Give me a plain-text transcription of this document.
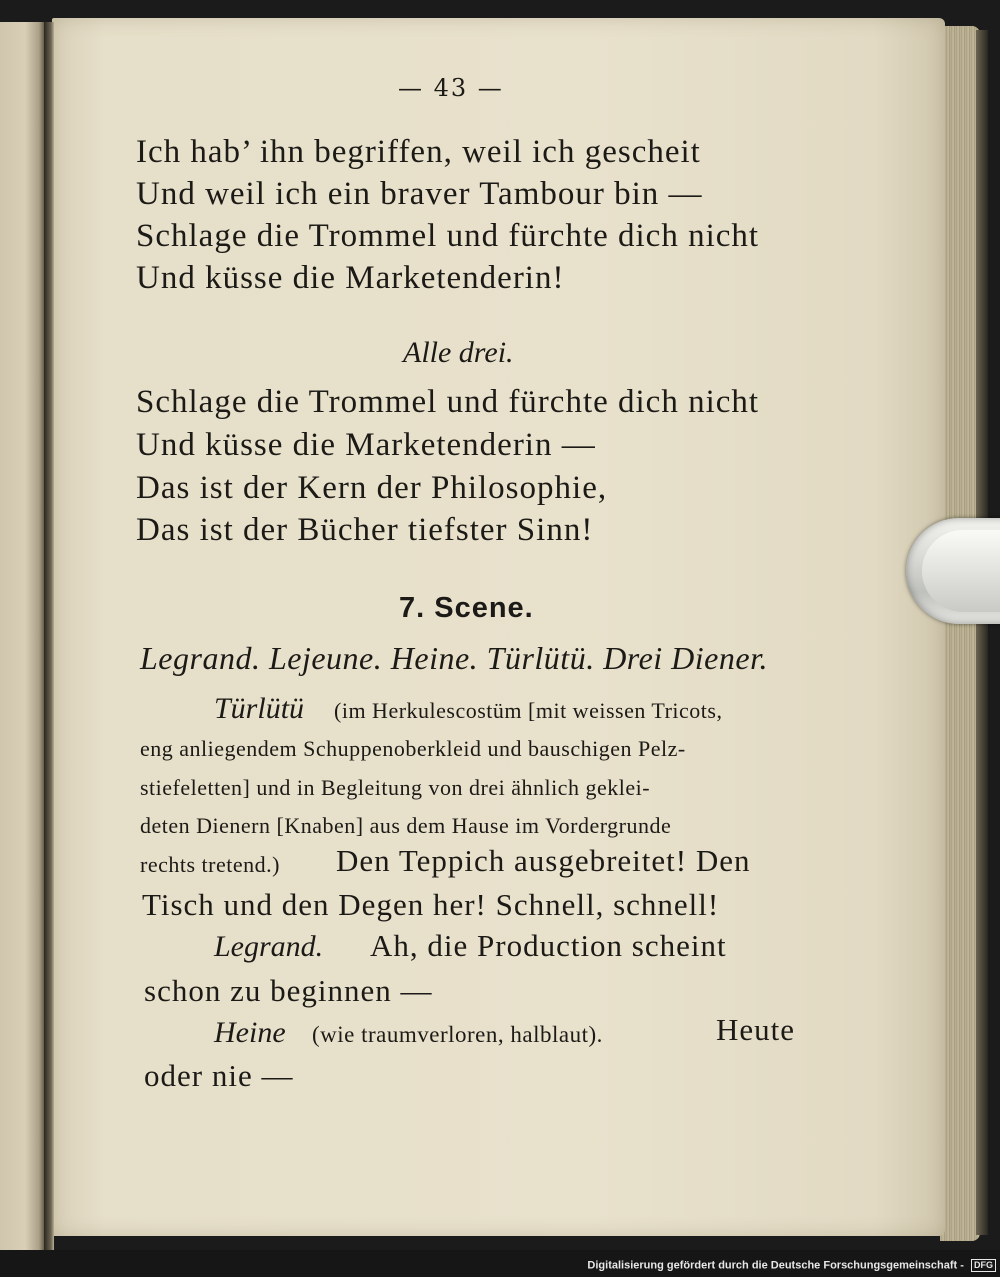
— 43 —
Ich hab’ ihn begriffen, weil ich gescheit
Und weil ich ein braver Tambour bin —
Schlage die Trommel und fürchte dich nicht
Und küsse die Marketenderin!
Alle drei.
Schlage die Trommel und fürchte dich nicht
Und küsse die Marketenderin —
Das ist der Kern der Philosophie,
Das ist der Bücher tiefster Sinn!
7. Scene.
Legrand. Lejeune. Heine. Türlütü. Drei Diener.
Türlütü (im Herkulescostüm [mit weissen Tricots,
eng anliegendem Schuppenoberkleid und bauschigen Pelz-
stiefeletten] und in Begleitung von drei ähnlich geklei-
deten Dienern [Knaben] aus dem Hause im Vordergrunde
rechts tretend.) Den Teppich ausgebreitet! Den
Tisch und den Degen her! Schnell, schnell!
Legrand. Ah, die Production scheint
schon zu beginnen —
Heine (wie traumverloren, halblaut).	Heute
oder nie —
Digitalisierung gefördert durch die Deutsche Forschungsgemeinschaft - DFG
